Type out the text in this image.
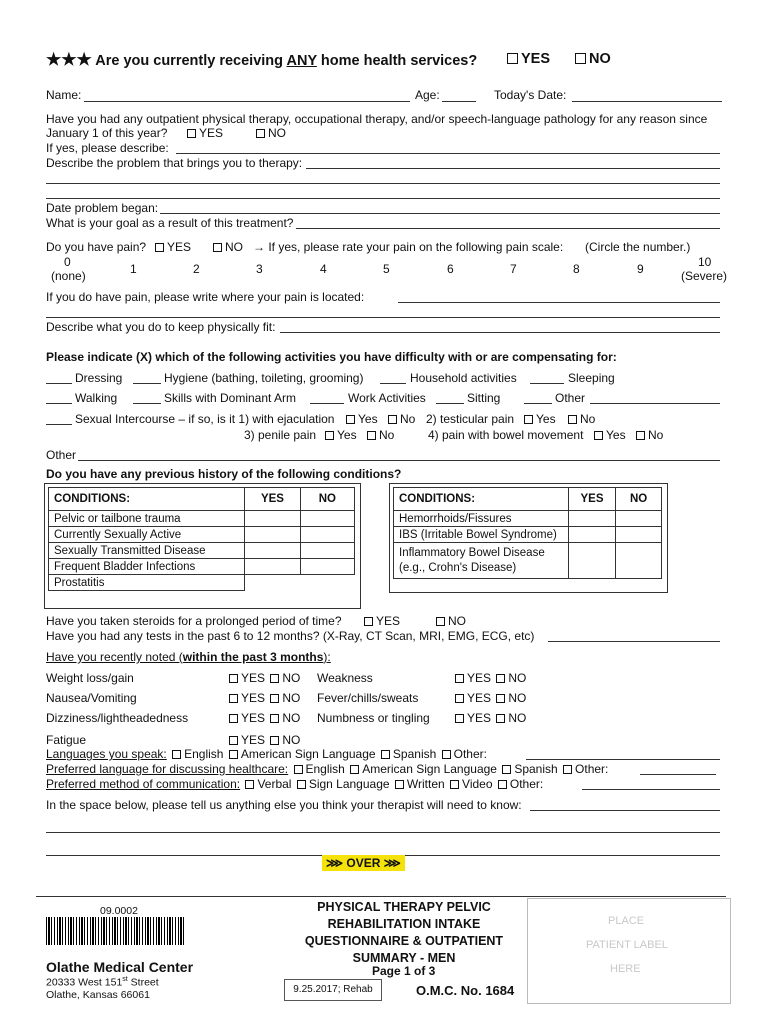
★★★ Are you currently receiving ANY home health services?	YES	NO
Name:	Age:	Today's Date:
Have you had any outpatient physical therapy, occupational therapy, and/or speech-language pathology for any reason since
January 1 of this year?	YES	NO
If yes, please describe:
Describe the problem that brings you to therapy:
Date problem began:
What is your goal as a result of this treatment?
Do you have pain?	YES	NO → If yes, please rate your pain on the following pain scale: (Circle the number.)
0	1	2	3	4	5	6	7	8	9	10
(none)	(Severe)
If you do have pain, please write where your pain is located:
Describe what you do to keep physically fit:
Please indicate (X) which of the following activities you have difficulty with or are compensating for:
Dressing	Hygiene (bathing, toileting, grooming)	Household activities	Sleeping
Walking	Skills with Dominant Arm	Work Activities	Sitting	Other
Sexual Intercourse – if so, is it 1) with ejaculation	Yes	No 2) testicular pain	Yes	No
3) penile pain	Yes	No	4) pain with bowel movement	Yes	No
Other
Do you have any previous history of the following conditions?
CONDITIONS:	YES	NO
Pelvic or tailbone trauma		
Currently Sexually Active		
Sexually Transmitted Disease		
Frequent Bladder Infections		
Prostatitis		
CONDITIONS:	YES	NO
Hemorrhoids/Fissures		
IBS (Irritable Bowel Syndrome)		
Inflammatory Bowel Disease
(e.g., Crohn's Disease)		
Have you taken steroids for a prolonged period of time?	YES	NO
Have you had any tests in the past 6 to 12 months? (X-Ray, CT Scan, MRI, EMG, ECG, etc)
Have you recently noted (within the past 3 months):
Weight loss/gain	YES NO Weakness	YES NO
Nausea/Vomiting	YES NO Fever/chills/sweats	YES NO
Dizziness/lightheadedness	YES NO Numbness or tingling	YES NO
Fatigue	YES NO
Languages you speak: English American Sign Language Spanish Other:
Preferred language for discussing healthcare: English American Sign Language Spanish Other:
Preferred method of communication: Verbal Sign Language Written Video Other:
In the space below, please tell us anything else you think your therapist will need to know:
⋙ OVER ⋙
09.0002
Olathe Medical Center
20333 West 151st Street
Olathe, Kansas 66061
PHYSICAL THERAPY PELVIC
REHABILITATION INTAKE
QUESTIONNAIRE & OUTPATIENT
SUMMARY - MEN
Page 1 of 3
9.25.2017; Rehab	O.M.C. No. 1684
PLACE
PATIENT LABEL
HERE
